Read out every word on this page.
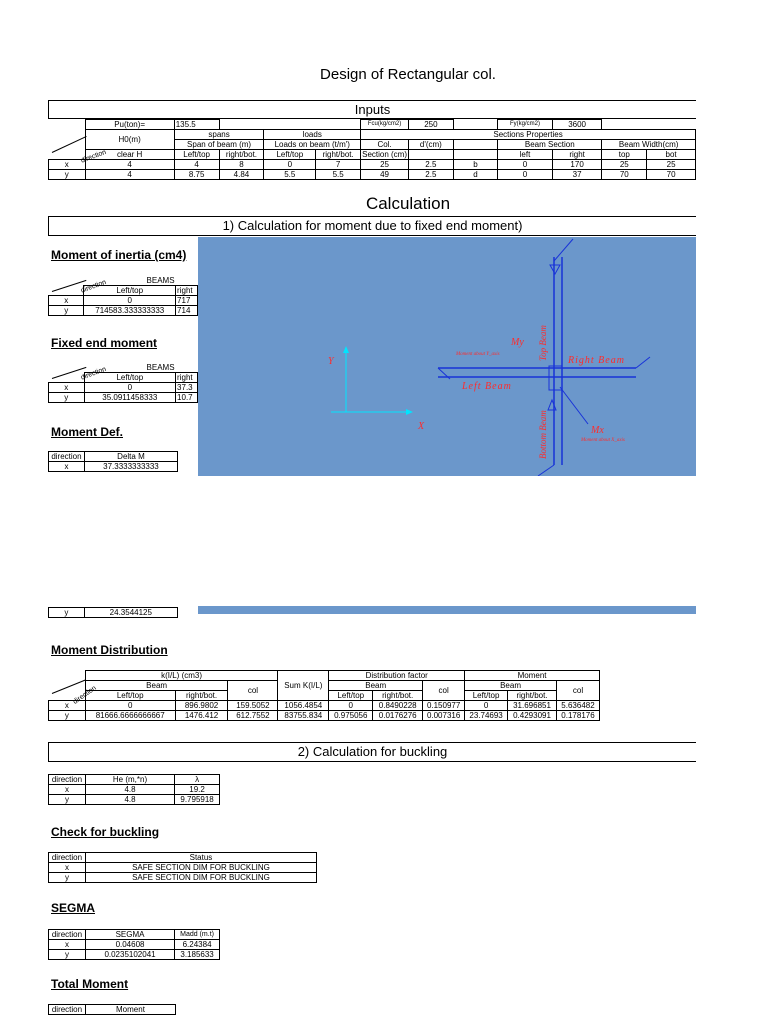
Design of Rectangular col.
Inputs
	Pu(ton)=	135.5				Fcu(kg/cm2)	250		Fy(kg/cm2)	3600		
	H0(m)	spans		loads		Sections Properties						
		Span of beam (m)		Loads on beam (t/m')		Col.	d'(cm)		Beam Section		Beam Width(cm)	
	clear H	Left/top	right/bot.	Left/top	right/bot.	Section (cm)			left	right	top	bot
x	4	4	8	0	7	25	2.5	b	0	170	25	25
y	4	8.75	4.84	5.5	5.5	49	2.5	d	0	37	70	70
direction
Calculation
1) Calculation for moment due to fixed end moment)
Moment of inertia (cm4)
	BEAMS	
	Left/top	right
x	0	717
y	714583.333333333	714
direction
Fixed end moment
	BEAMS	
	Left/top	right
x	0	37.3
y	35.0911458333	10.7
direction
Moment Def.
direction	Delta M
x	37.3333333333
y	24.3544125
Y
X
My
Moment about Y_axis
Mx
Moment about X_axis
Right Beam
Left Beam
Top Beam
Bottom Beam
Moment Distribution
	k(I/L) (cm3)			Sum K(I/L)	Distribution factor			Moment		
	Beam		col		Beam		col	Beam		col
	Left/top	right/bot.			Left/top	right/bot.		Left/top	right/bot.	
x	0	896.9802	159.5052	1056.4854	0	0.8490228	0.150977	0	31.696851	5.636482
y	81666.6666666667	1476.412	612.7552	83755.834	0.975056	0.0176276	0.007316	23.74693	0.4293091	0.178176
direction
2) Calculation for buckling
direction	He (m,*n)	λ
x	4.8	19.2
y	4.8	9.795918
Check for buckling
direction	Status
x	SAFE SECTION DIM FOR BUCKLING
y	SAFE SECTION DIM FOR BUCKLING
SEGMA
direction	SEGMA	Madd (m.t)
x	0.04608	6.24384
y	0.0235102041	3.185633
Total Moment
direction	Moment
